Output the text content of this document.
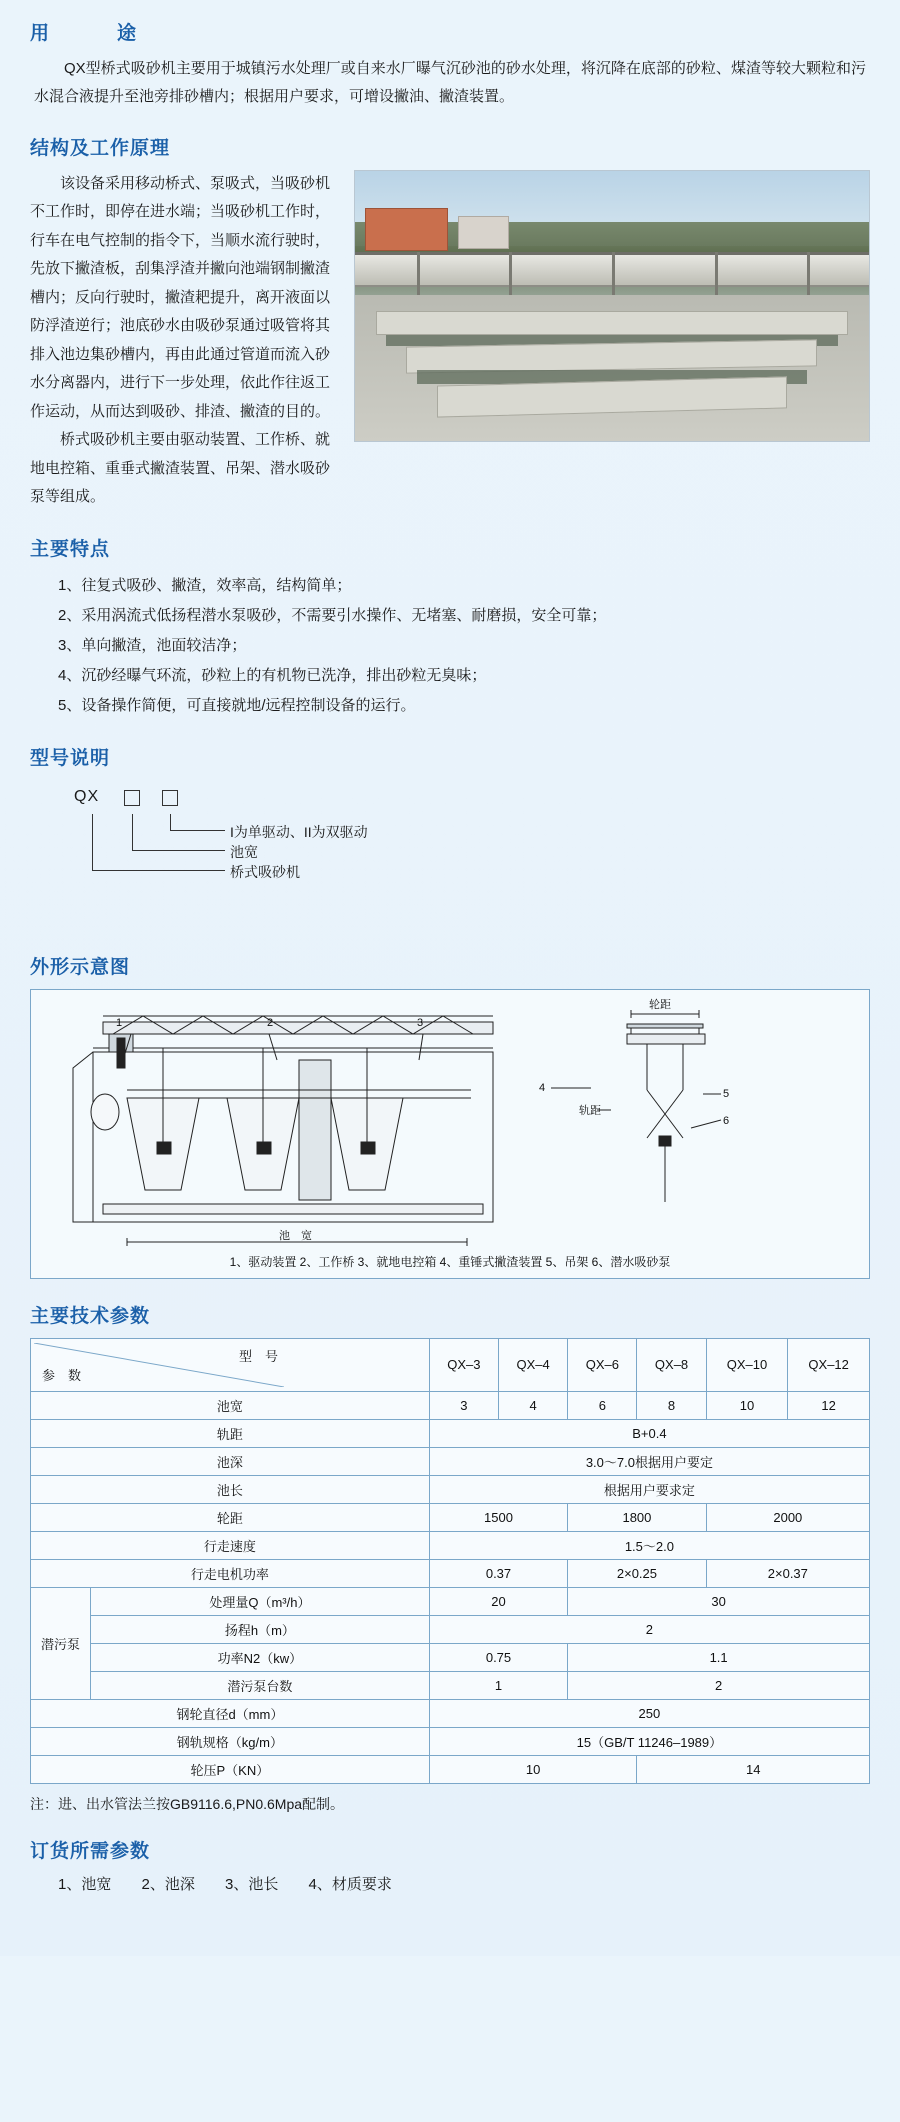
用　　途

QX型桥式吸砂机主要用于城镇污水处理厂或自来水厂曝气沉砂池的砂水处理，将沉降在底部的砂粒、煤渣等较大颗粒和污水混合液提升至池旁排砂槽内；根据用户要求，可增设撇油、撇渣装置。

结构及工作原理

该设备采用移动桥式、泵吸式，当吸砂机不工作时，即停在进水端；当吸砂机工作时，行车在电气控制的指令下，当顺水流行驶时，先放下撇渣板，刮集浮渣并撇向池端钢制撇渣槽内；反向行驶时，撇渣耙提升，离开液面以防浮渣逆行；池底砂水由吸砂泵通过吸管将其排入池边集砂槽内，再由此通过管道而流入砂水分离器内，进行下一步处理，依此作往返工作运动，从而达到吸砂、排渣、撇渣的目的。

桥式吸砂机主要由驱动装置、工作桥、就地电控箱、重垂式撇渣装置、吊架、潜水吸砂泵等组成。

主要特点
1、往复式吸砂、撇渣，效率高，结构简单；
2、采用涡流式低扬程潜水泵吸砂，不需要引水操作、无堵塞、耐磨损，安全可靠；
3、单向撇渣，池面较洁净；
4、沉砂经曝气环流，砂粒上的有机物已洗净，排出砂粒无臭味；
5、设备操作简便，可直接就地/远程控制设备的运行。
型号说明
QX
I为单驱动、II为双驱动
池宽
桥式吸砂机
外形示意图
1	2	3
4	5
6
轮距
轨距
池　宽
1、驱动装置 2、工作桥 3、就地电控箱 4、重锤式撇渣装置 5、吊架 6、潜水吸砂泵
主要技术参数
型　号
参　数		QX–3	QX–4	QX–6	QX–8	QX–10	QX–12
池宽		3	4	6	8	10	12
轨距		B+0.4					
池深		3.0～7.0根据用户要定					
池长		根据用户要求定					
轮距		1500		1800		2000	
行走速度		1.5～2.0					
行走电机功率		0.37		2×0.25		2×0.37	
潜污泵	处理量Q（m³/h）	20		30			
	扬程h（m）	2					
	功率N2（kw）	0.75		1.1			
	潜污泵台数	1		2			
钢轮直径d（mm）		250					
钢轨规格（kg/m）		15（GB/T 11246–1989）					
轮压P（KN）		10			14		
注：进、出水管法兰按GB9116.6,PN0.6Mpa配制。
订货所需参数
1、池宽 2、池深 3、池长 4、材质要求
